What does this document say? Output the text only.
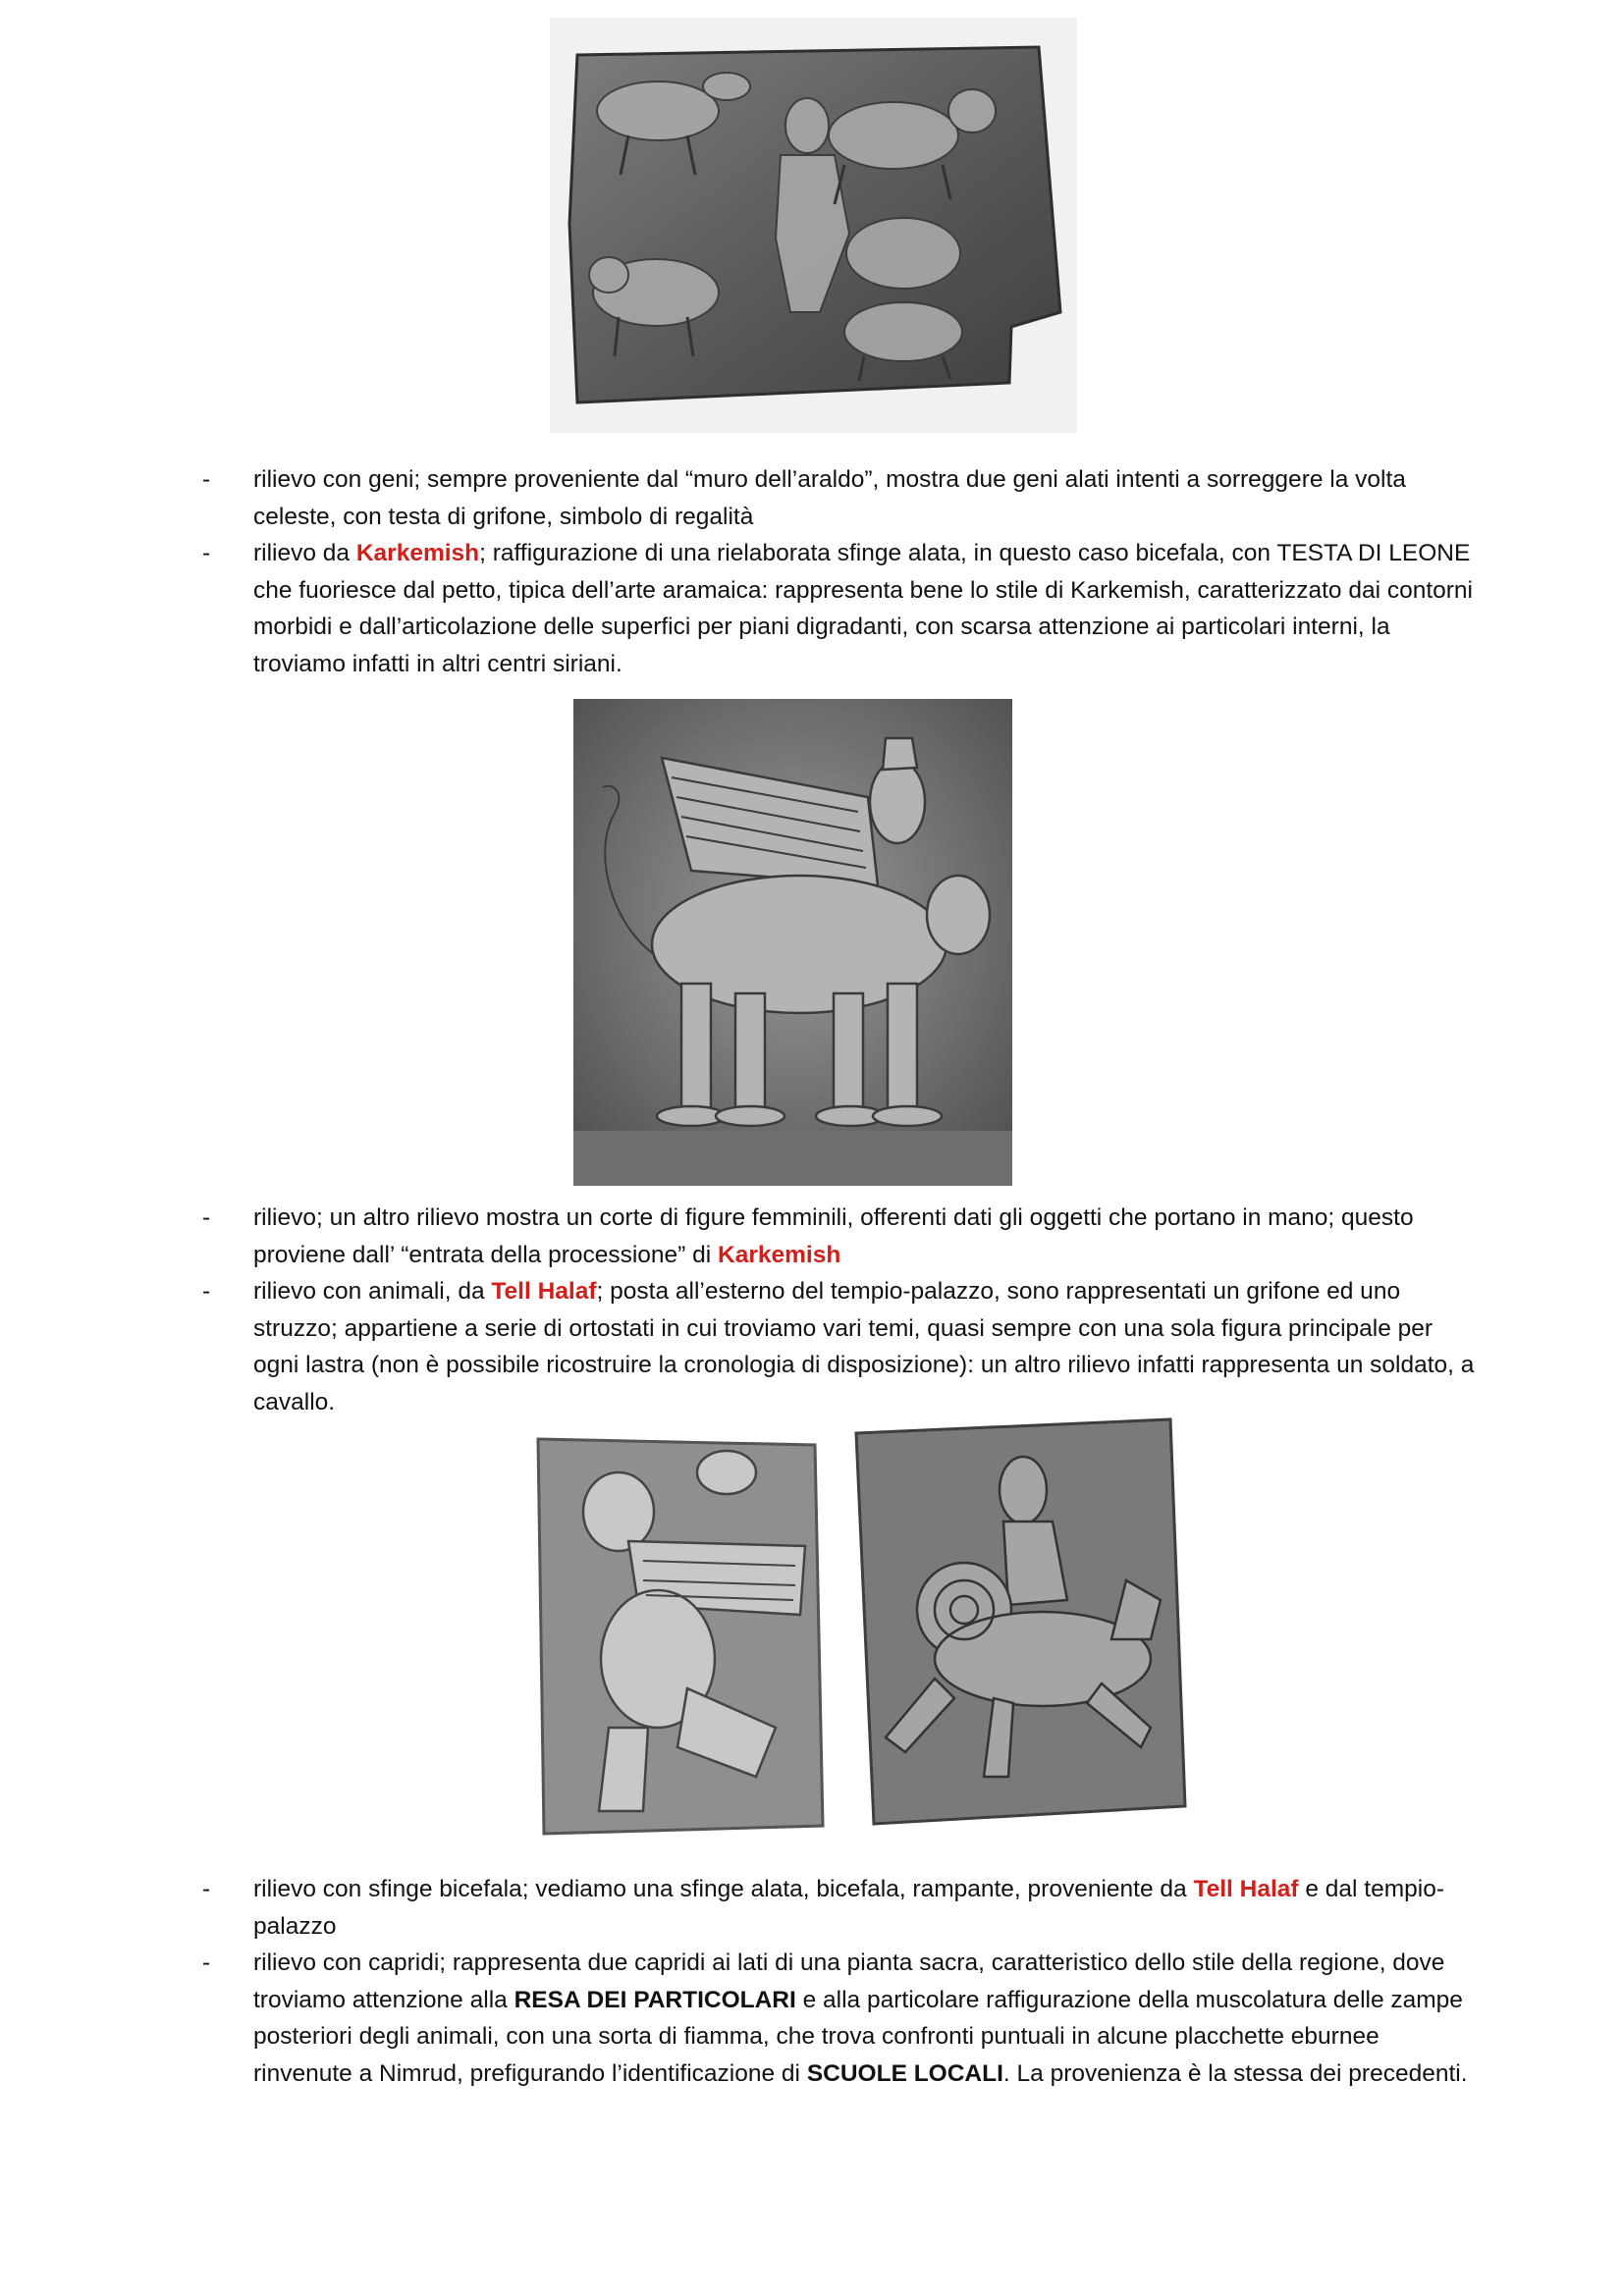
- rilievo con geni; sempre proveniente dal “muro dell’araldo”, mostra due geni alati intenti a sorreggere la volta celeste, con testa di grifone, simbolo di regalità
- rilievo da Karkemish; raffigurazione di una rielaborata sfinge alata, in questo caso bicefala, con TESTA DI LEONE che fuoriesce dal petto, tipica dell’arte aramaica: rappresenta bene lo stile di Karkemish, caratterizzato dai contorni morbidi e dall’articolazione delle superfici per piani digradanti, con scarsa attenzione ai particolari interni, la troviamo infatti in altri centri siriani.
- rilievo; un altro rilievo mostra un corte di figure femminili, offerenti dati gli oggetti che portano in mano; questo proviene dall’ “entrata della processione” di Karkemish
- rilievo con animali, da Tell Halaf; posta all’esterno del tempio-palazzo, sono rappresentati un grifone ed uno struzzo; appartiene a serie di ortostati in cui troviamo vari temi, quasi sempre con una sola figura principale per ogni lastra (non è possibile ricostruire la cronologia di disposizione): un altro rilievo infatti rappresenta un soldato, a cavallo.
- rilievo con sfinge bicefala; vediamo una sfinge alata, bicefala, rampante, proveniente da Tell Halaf e dal tempio-palazzo
- rilievo con capridi; rappresenta due capridi ai lati di una pianta sacra, caratteristico dello stile della regione, dove troviamo attenzione alla RESA DEI PARTICOLARI e alla particolare raffigurazione della muscolatura delle zampe posteriori degli animali, con una sorta di fiamma, che trova confronti puntuali in alcune placchette eburnee rinvenute a Nimrud, prefigurando l’identificazione di SCUOLE LOCALI. La provenienza è la stessa dei precedenti.
